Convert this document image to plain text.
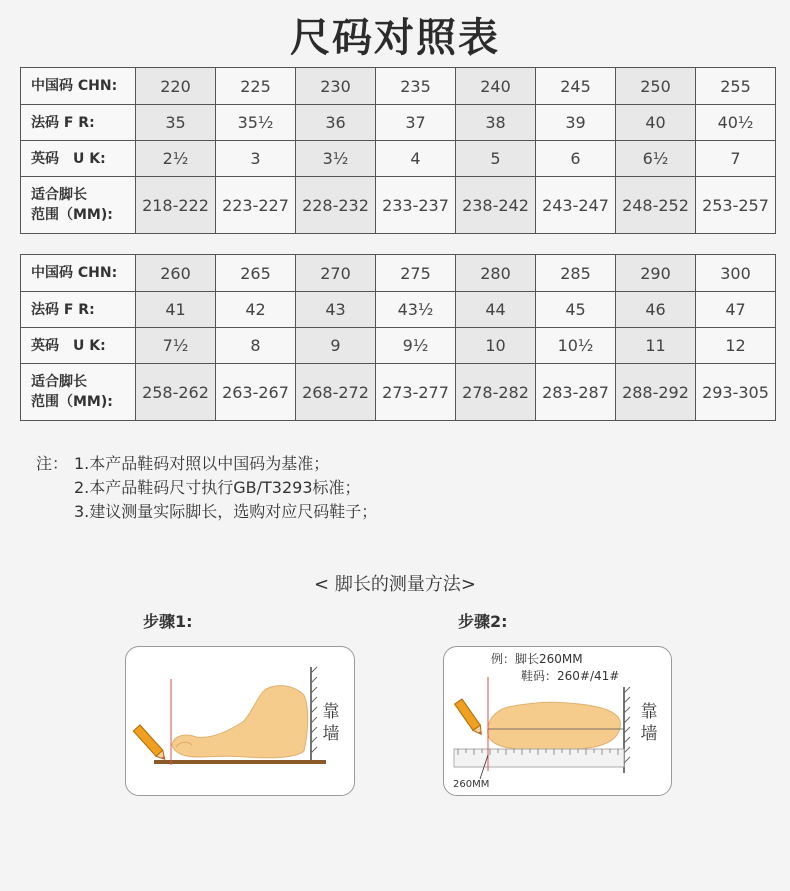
尺码对照表
中国码 CHN:	220	225	230	235	240	245	250	255
法码 F R:	35	35½	36	37	38	39	40	40½
英码　U K:	2½	3	3½	4	5	6	6½	7

适合脚长
范围（MM):	218-222	223-227	228-232	233-237	238-242	243-247	248-252	253-257
中国码 CHN:	260	265	270	275	280	285	290	300
法码 F R:	41	42	43	43½	44	45	46	47
英码　U K:	7½	8	9	9½	10	10½	11	12

适合脚长
范围（MM):	258-262	263-267	268-272	273-277	278-282	283-287	288-292	293-305
注： 1.本产品鞋码对照以中国码为基准；
2.本产品鞋码尺寸执行GB/T3293标准；
3.建议测量实际脚长，选购对应尺码鞋子；
< 脚长的测量方法>
步骤1:	步骤2:
靠墙
例：脚长260MM
鞋码：260#/41#
靠墙
260MM
